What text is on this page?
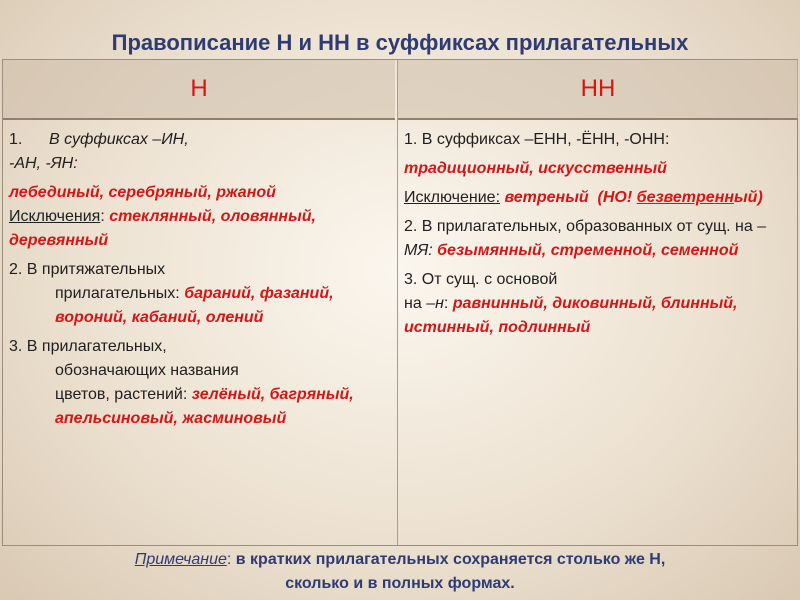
Правописание Н и НН в суффиксах прилагательных
Н
1. В суффиксах –ИН,
-АН, -ЯН:
лебединый, серебряный, ржаной
Исключения: стеклянный, оловянный, деревянный
2. В притяжательных
прилагательных: бараний, фазаний, вороний, кабаний, олений
3. В прилагательных,
обозначающих названия
цветов, растений: зелёный, багряный, апельсиновый, жасминовый
НН
1. В суффиксах –ЕНН, -ЁНН, -ОНН:
традиционный, искусственный
Исключение: ветреный (НО! безветренный)
2. В прилагательных, образованных от сущ. на –МЯ: безымянный, стременной, семенной
3. От сущ. с основой
на –н: равнинный, диковинный, блинный, истинный, подлинный
Примечание: в кратких прилагательных сохраняется столько же Н,
сколько и в полных формах.
